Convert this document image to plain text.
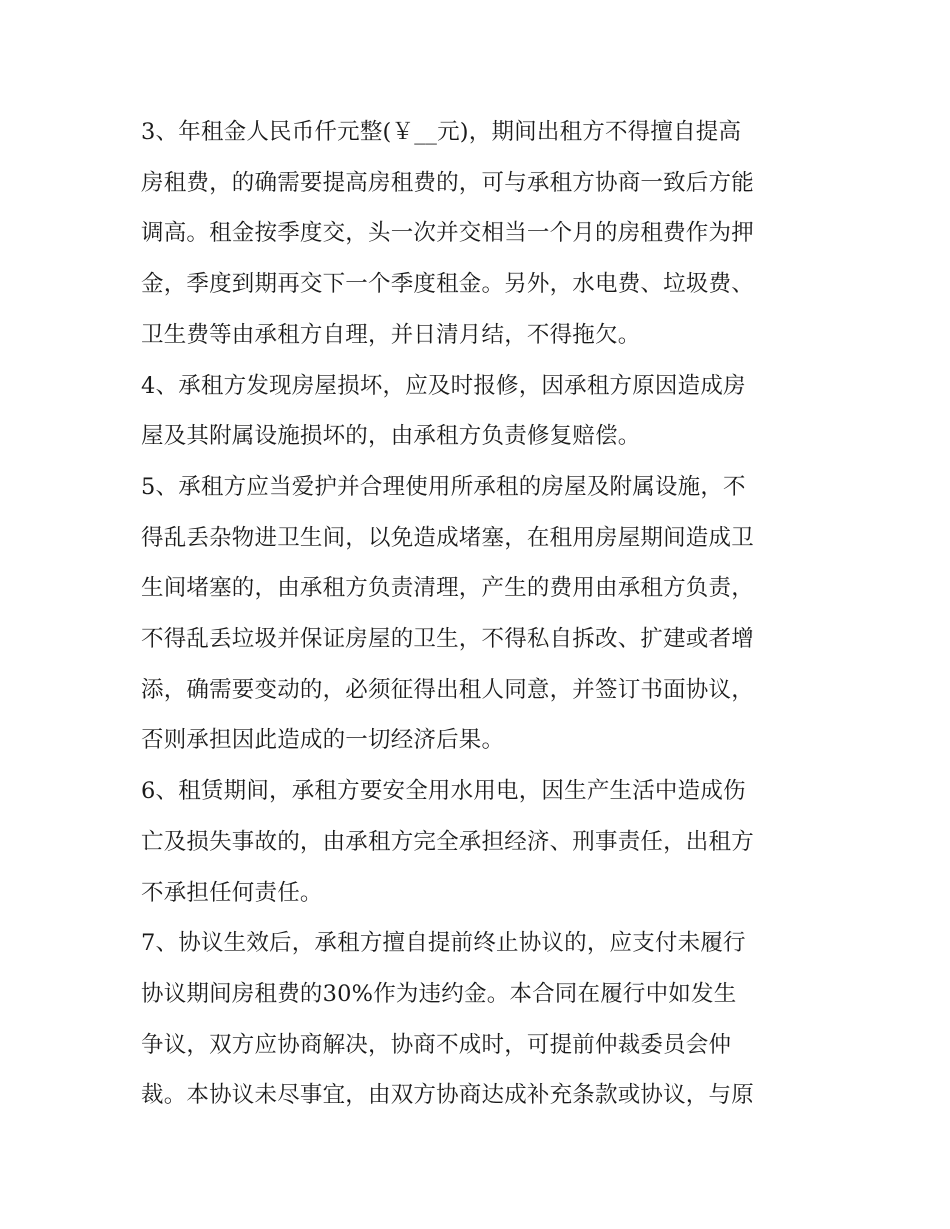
3、年租金人民币仟元整(￥__元)，期间出租方不得擅自提高
房租费，的确需要提高房租费的，可与承租方协商一致后方能
调高。租金按季度交，头一次并交相当一个月的房租费作为押
金，季度到期再交下一个季度租金。另外，水电费、垃圾费、
卫生费等由承租方自理，并日清月结，不得拖欠。

4、承租方发现房屋损坏，应及时报修，因承租方原因造成房
屋及其附属设施损坏的，由承租方负责修复赔偿。

5、承租方应当爱护并合理使用所承租的房屋及附属设施，不
得乱丢杂物进卫生间，以免造成堵塞，在租用房屋期间造成卫
生间堵塞的，由承租方负责清理，产生的费用由承租方负责，
不得乱丢垃圾并保证房屋的卫生，不得私自拆改、扩建或者增
添，确需要变动的，必须征得出租人同意，并签订书面协议，
否则承担因此造成的一切经济后果。

6、租赁期间，承租方要安全用水用电，因生产生活中造成伤
亡及损失事故的，由承租方完全承担经济、刑事责任，出租方
不承担任何责任。

7、协议生效后，承租方擅自提前终止协议的，应支付未履行
协议期间房租费的30%作为违约金。本合同在履行中如发生
争议，双方应协商解决，协商不成时，可提前仲裁委员会仲
裁。本协议未尽事宜，由双方协商达成补充条款或协议，与原
